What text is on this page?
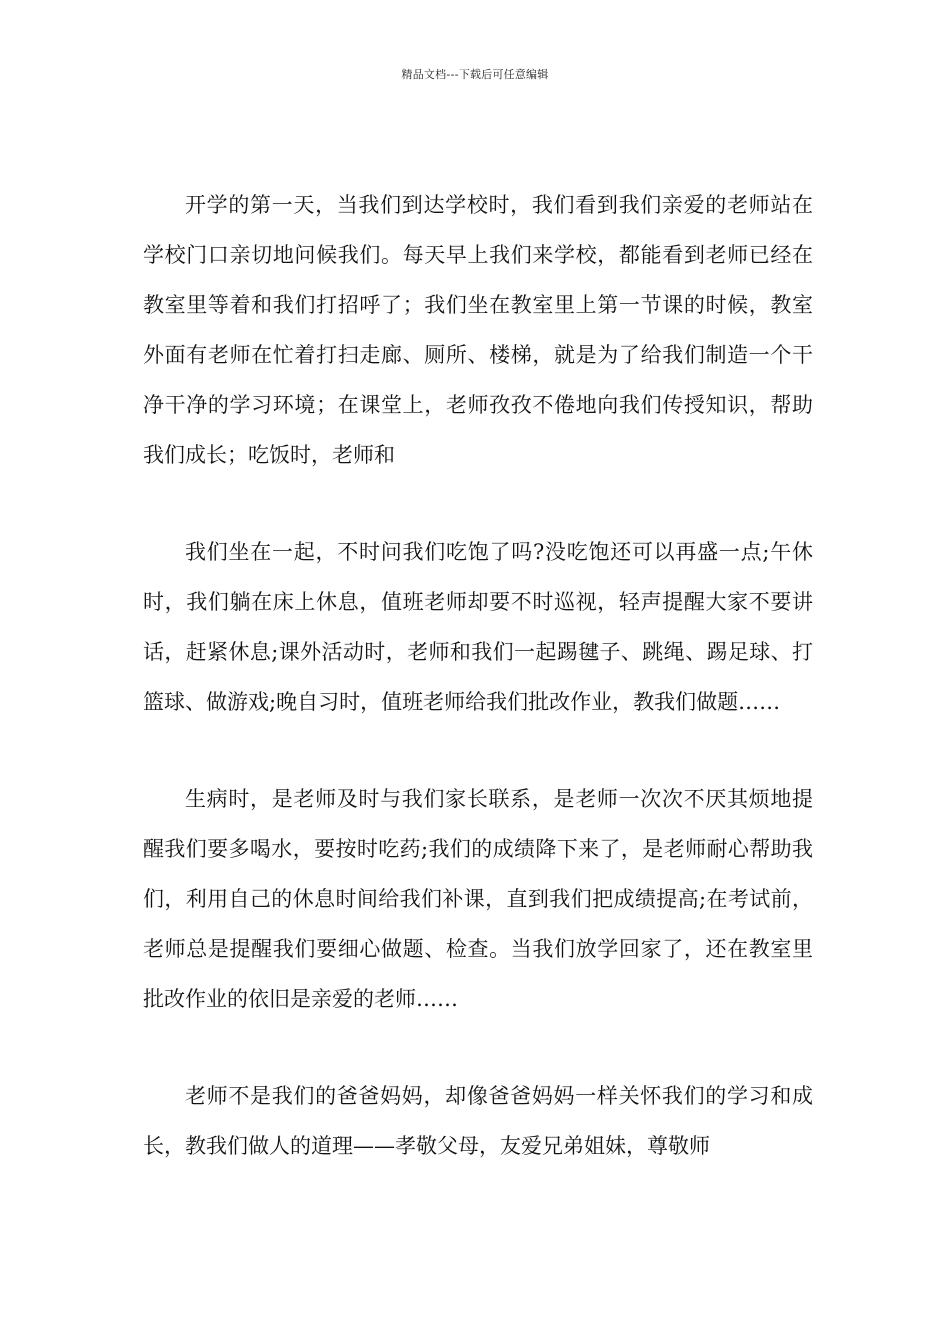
精品文档---下载后可任意编辑

开学的第一天，当我们到达学校时，我们看到我们亲爱的老师站在学校门口亲切地问候我们。每天早上我们来学校，都能看到老师已经在教室里等着和我们打招呼了；我们坐在教室里上第一节课的时候，教室外面有老师在忙着打扫走廊、厕所、楼梯，就是为了给我们制造一个干净干净的学习环境；在课堂上，老师孜孜不倦地向我们传授知识，帮助我们成长；吃饭时，老师和

我们坐在一起，不时问我们吃饱了吗?没吃饱还可以再盛一点;午休时，我们躺在床上休息，值班老师却要不时巡视，轻声提醒大家不要讲话，赶紧休息;课外活动时，老师和我们一起踢毽子、跳绳、踢足球、打篮球、做游戏;晚自习时，值班老师给我们批改作业，教我们做题……

生病时，是老师及时与我们家长联系，是老师一次次不厌其烦地提醒我们要多喝水，要按时吃药;我们的成绩降下来了，是老师耐心帮助我们，利用自己的休息时间给我们补课，直到我们把成绩提高;在考试前，老师总是提醒我们要细心做题、检查。当我们放学回家了，还在教室里批改作业的依旧是亲爱的老师……

老师不是我们的爸爸妈妈，却像爸爸妈妈一样关怀我们的学习和成长，教我们做人的道理——孝敬父母，友爱兄弟姐妹，尊敬师
